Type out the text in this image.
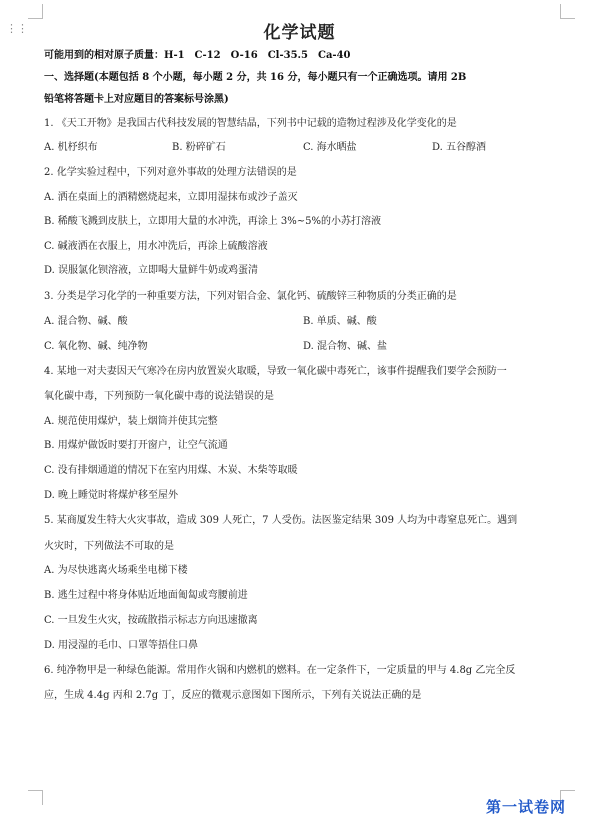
⋮⋮	化学试题
可能用到的相对原子质量：H-1　C-12　O-16　Cl-35.5　Ca-40
一、选择题(本题包括 8 个小题，每小题 2 分，共 16 分，每小题只有一个正确选项。请用 2B
铅笔将答题卡上对应题目的答案标号涂黑)
1. 《天工开物》是我国古代科技发展的智慧结晶，下列书中记载的造物过程涉及化学变化的是
A. 机杼织布	B. 粉碎矿石	C. 海水晒盐	D. 五谷醇酒
2. 化学实验过程中，下列对意外事故的处理方法错误的是
A. 洒在桌面上的酒精燃烧起来，立即用湿抹布或沙子盖灭
B. 稀酸飞溅到皮肤上，立即用大量的水冲洗，再涂上 3%~5%的小苏打溶液
C. 碱液洒在衣服上，用水冲洗后，再涂上硫酸溶液
D. 误服氯化钡溶液，立即喝大量鲜牛奶或鸡蛋清
3. 分类是学习化学的一种重要方法，下列对铝合金、氯化钙、硫酸锌三种物质的分类正确的是
A. 混合物、碱、酸	B. 单质、碱、酸
C. 氧化物、碱、纯净物	D. 混合物、碱、盐
4. 某地一对夫妻因天气寒冷在房内放置炭火取暖，导致一氧化碳中毒死亡，该事件提醒我们要学会预防一
氧化碳中毒，下列预防一氧化碳中毒的说法错误的是
A. 规范使用煤炉，装上烟筒并使其完整
B. 用煤炉做饭时要打开窗户，让空气流通
C. 没有排烟通道的情况下在室内用煤、木炭、木柴等取暖
D. 晚上睡觉时将煤炉移至屋外
5. 某商厦发生特大火灾事故，造成 309 人死亡，7 人受伤。法医鉴定结果 309 人均为中毒窒息死亡。遇到
火灾时，下列做法不可取的是
A. 为尽快逃离火场乘坐电梯下楼
B. 逃生过程中将身体贴近地面匍匐或弯腰前进
C. 一旦发生火灾，按疏散指示标志方向迅速撤离
D. 用浸湿的毛巾、口罩等捂住口鼻
6. 纯净物甲是一种绿色能源。常用作火锅和内燃机的燃料。在一定条件下，一定质量的甲与 4.8g 乙完全反
应，生成 4.4g 丙和 2.7g 丁，反应的微观示意图如下图所示，下列有关说法正确的是
第一试卷网
